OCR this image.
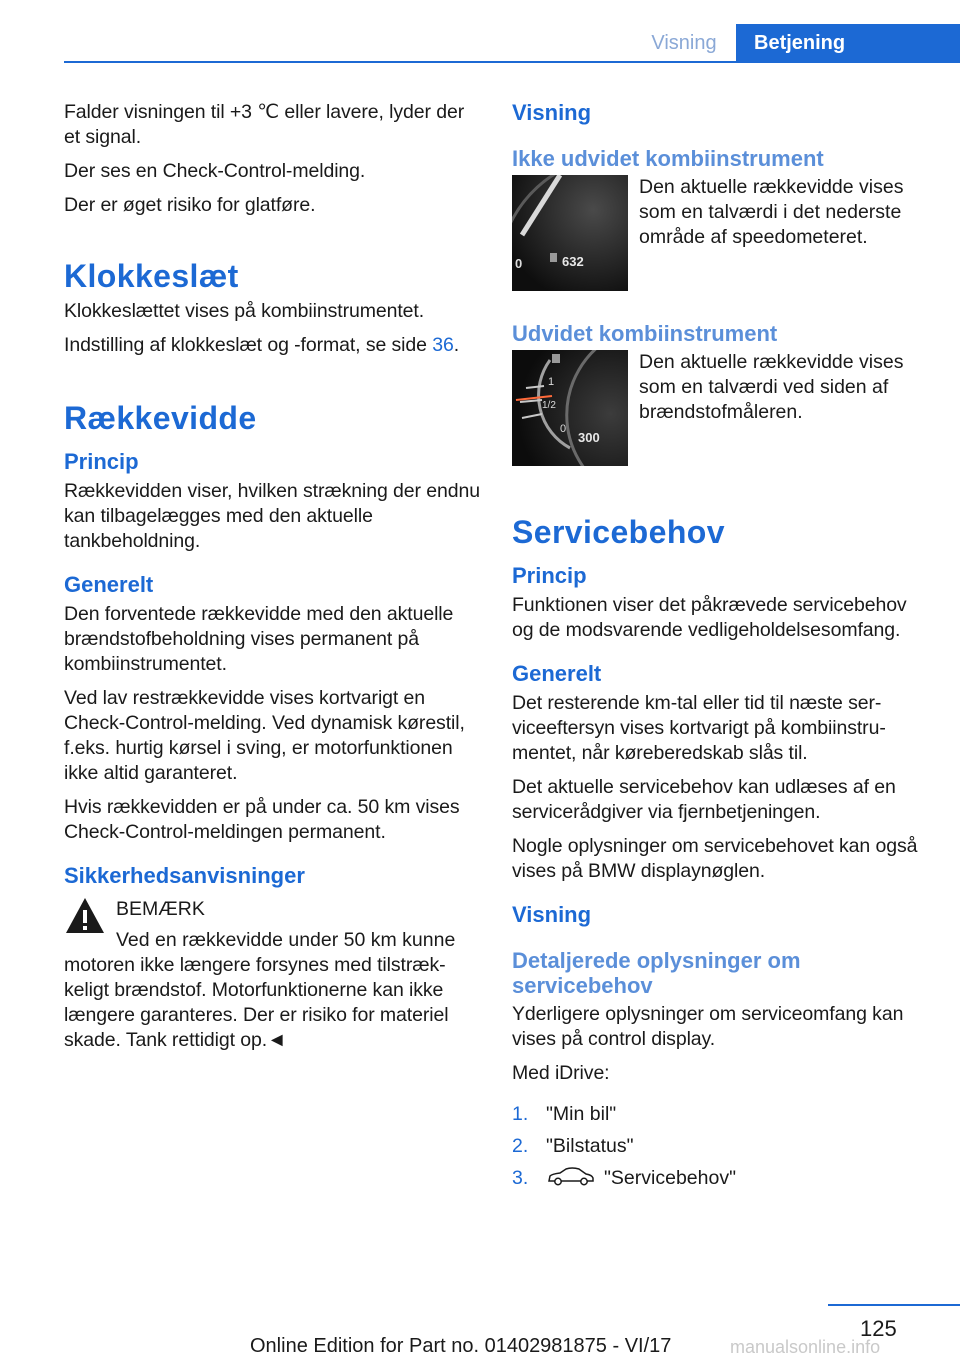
Visning	Betjening

Falder visningen til +3 ℃ eller lavere, lyder der et signal.

Der ses en Check-Control-melding.

Der er øget risiko for glatføre.

Klokkeslæt

Klokkeslættet vises på kombiinstrumentet.

Indstilling af klokkeslæt og -format, se side 36.

Rækkevidde
Princip

Rækkevidden viser, hvilken strækning der endnu kan tilbagelægges med den aktuelle tankbeholdning.

Generelt

Den forventede rækkevidde med den aktuelle brændstofbeholdning vises permanent på kombiinstrumentet.

Ved lav restrækkevidde vises kortvarigt en Check-Control-melding. Ved dynamisk kørestil, f.eks. hurtig kørsel i sving, er motorfunktionen ikke altid garanteret.

Hvis rækkevidden er på under ca. 50 km vises Check-Control-meldingen permanent.

Sikkerhedsanvisninger
BEMÆRK
Ved en rækkevidde under 50 km kunne

motoren ikke længere forsynes med tilstrækkeligt brændstof. Motorfunktionerne kan ikke længere garanteres. Der er risiko for materiel skade. Tank rettidigt op.◄

Visning
Ikke udvidet kombiinstrument
0	632
Den aktuelle rækkevidde vises som en talværdi i det nederste område af speedometeret.
Udvidet kombiinstrument
1
1/2
0
300
Den aktuelle rækkevidde vises som en talværdi ved siden af brændstofmåleren.
Servicebehov
Princip

Funktionen viser det påkrævede servicebehov og de modsvarende vedligeholdelsesomfang.

Generelt

Det resterende km-tal eller tid til næste serviceeftersyn vises kortvarigt på kombiinstrumentet, når køreberedskab slås til.

Det aktuelle servicebehov kan udlæses af en servicerådgiver via fjernbetjeningen.

Nogle oplysninger om servicebehovet kan også vises på BMW displaynøglen.

Visning
Detaljerede oplysninger om servicebehov

Yderligere oplysninger om serviceomfang kan vises på control display.

Med iDrive:

1. "Min bil"
2. "Bilstatus"
3.	"Servicebehov"
125
Online Edition for Part no. 01402981875 - VI/17	manualsonline.info
